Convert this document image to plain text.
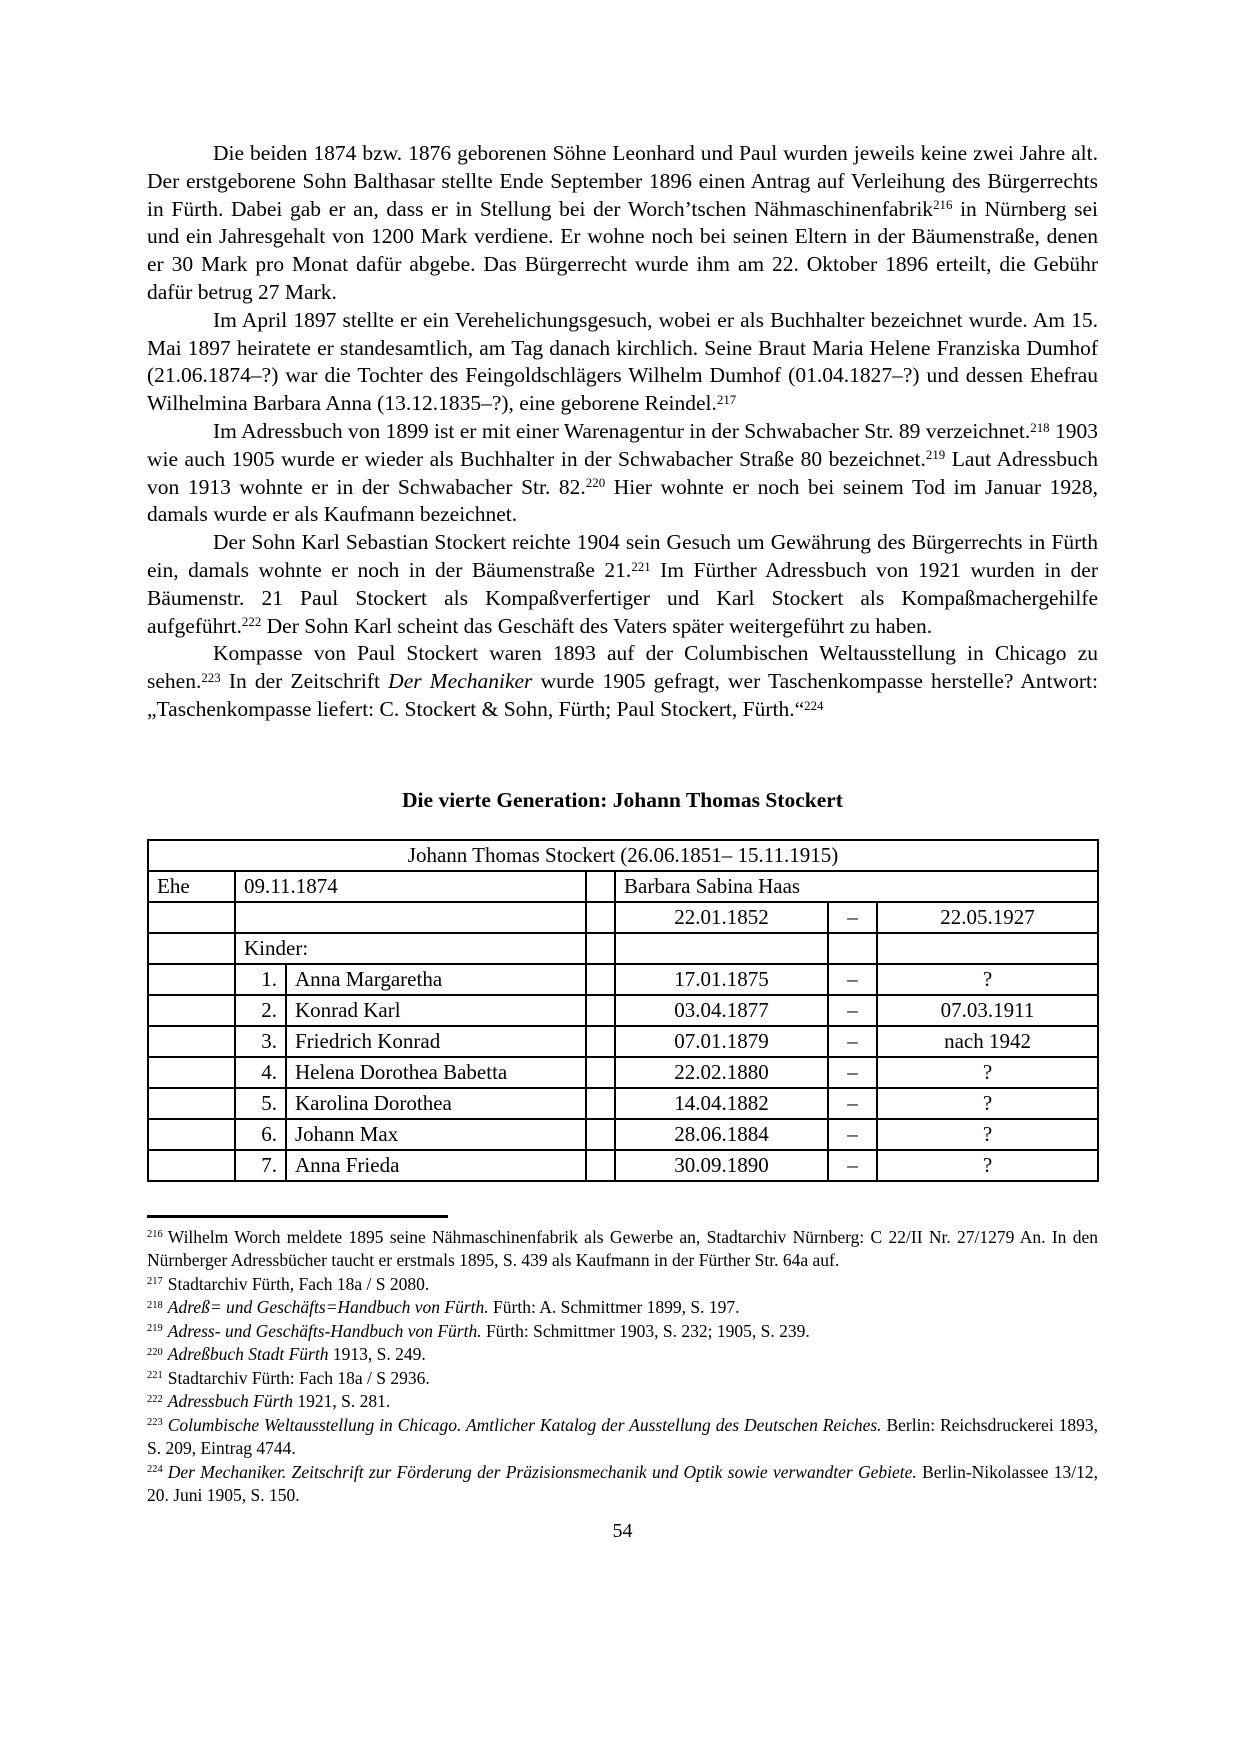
Die beiden 1874 bzw. 1876 geborenen Söhne Leonhard und Paul wurden jeweils keine zwei Jahre alt. Der erstgeborene Sohn Balthasar stellte Ende September 1896 einen Antrag auf Verleihung des Bürgerrechts in Fürth. Dabei gab er an, dass er in Stellung bei der Worch’tschen Nähmaschinenfabrik$^{216}$ in Nürnberg sei und ein Jahresgehalt von 1200 Mark verdiene. Er wohne noch bei seinen Eltern in der Bäumenstraße, denen er 30 Mark pro Monat dafür abgebe. Das Bürgerrecht wurde ihm am 22. Oktober 1896 erteilt, die Gebühr dafür betrug 27 Mark.

Im April 1897 stellte er ein Verehelichungsgesuch, wobei er als Buchhalter bezeichnet wurde. Am 15. Mai 1897 heiratete er standesamtlich, am Tag danach kirchlich. Seine Braut Maria Helene Franziska Dumhof (21.06.1874–?) war die Tochter des Feingoldschlägers Wilhelm Dumhof (01.04.1827–?) und dessen Ehefrau Wilhelmina Barbara Anna (13.12.1835–?), eine geborene Reindel.$^{217}$

Im Adressbuch von 1899 ist er mit einer Warenagentur in der Schwabacher Str. 89 verzeichnet.$^{218}$ 1903 wie auch 1905 wurde er wieder als Buchhalter in der Schwabacher Straße 80 bezeichnet.$^{219}$ Laut Adressbuch von 1913 wohnte er in der Schwabacher Str. 82.$^{220}$ Hier wohnte er noch bei seinem Tod im Januar 1928, damals wurde er als Kaufmann bezeichnet.

Der Sohn Karl Sebastian Stockert reichte 1904 sein Gesuch um Gewährung des Bürgerrechts in Fürth ein, damals wohnte er noch in der Bäumenstraße 21.$^{221}$ Im Fürther Adressbuch von 1921 wurden in der Bäumenstr. 21 Paul Stockert als Kompaßverfertiger und Karl Stockert als Kompaßmachergehilfe aufgeführt.$^{222}$ Der Sohn Karl scheint das Geschäft des Vaters später weitergeführt zu haben.

Kompasse von Paul Stockert waren 1893 auf der Columbischen Weltausstellung in Chicago zu sehen.$^{223}$ In der Zeitschrift Der Mechaniker wurde 1905 gefragt, wer Taschenkompasse herstelle? Antwort: „Taschenkompasse liefert: C. Stockert & Sohn, Fürth; Paul Stockert, Fürth.“$^{224}$

Die vierte Generation: Johann Thomas Stockert
Johann Thomas Stockert (26.06.1851– 15.11.1915)						
Ehe	09.11.1874			Barbara Sabina Haas		
				22.01.1852	–	22.05.1927
	Kinder:					
	1.	Anna Margaretha		17.01.1875	–	?
	2.	Konrad Karl		03.04.1877	–	07.03.1911
	3.	Friedrich Konrad		07.01.1879	–	nach 1942
	4.	Helena Dorothea Babetta		22.02.1880	–	?
	5.	Karolina Dorothea		14.04.1882	–	?
	6.	Johann Max		28.06.1884	–	?
	7.	Anna Frieda		30.09.1890	–	?
$^{216}$ Wilhelm Worch meldete 1895 seine Nähmaschinenfabrik als Gewerbe an, Stadtarchiv Nürnberg: C 22/II Nr. 27/1279 An. In den Nürnberger Adressbücher taucht er erstmals 1895, S. 439 als Kaufmann in der Fürther Str. 64a auf.
$^{217}$ Stadtarchiv Fürth, Fach 18a / S 2080.
$^{218}$ Adreß= und Geschäfts=Handbuch von Fürth. Fürth: A. Schmittmer 1899, S. 197.
$^{219}$ Adress- und Geschäfts-Handbuch von Fürth. Fürth: Schmittmer 1903, S. 232; 1905, S. 239.
$^{220}$ Adreßbuch Stadt Fürth 1913, S. 249.
$^{221}$ Stadtarchiv Fürth: Fach 18a / S 2936.
$^{222}$ Adressbuch Fürth 1921, S. 281.
$^{223}$ Columbische Weltausstellung in Chicago. Amtlicher Katalog der Ausstellung des Deutschen Reiches. Berlin: Reichsdruckerei 1893, S. 209, Eintrag 4744.
$^{224}$ Der Mechaniker. Zeitschrift zur Förderung der Präzisionsmechanik und Optik sowie verwandter Gebiete. Berlin-Nikolassee 13/12, 20. Juni 1905, S. 150.
54
